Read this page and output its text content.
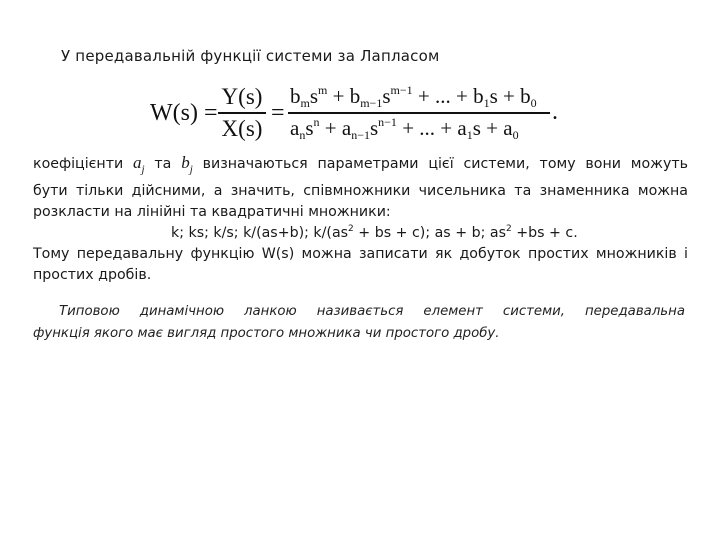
У передавальній функції системи за Лапласом
W(s) =
Y(s)
X(s)
=
$b_ms^m + b_{m-1}s^{m-1}$ + ... + $b_1s + b_0$
$a_ns^n + a_{n-1}s^{n-1}$ + ... + $a_1s + a_0$
.
коефіцієнти $a_j$ та $b_j$ визначаються параметрами цієї системи, тому вони можуть
бути тільки дійсними, а значить, співмножники чисельника та знаменника можна
розкласти на лінійні та квадратичні множники:
k; ks; k/s; k/(as+b); $k/(as^2$ + bs + c); as + b; $as^2 +bs + c$.
Тому передавальну функцію W(s) можна записати як добуток простих множників і
простих дробів.
Типовою динамічною ланкою називається елемент системи, передавальна
функція якого має вигляд простого множника чи простого дробу.
